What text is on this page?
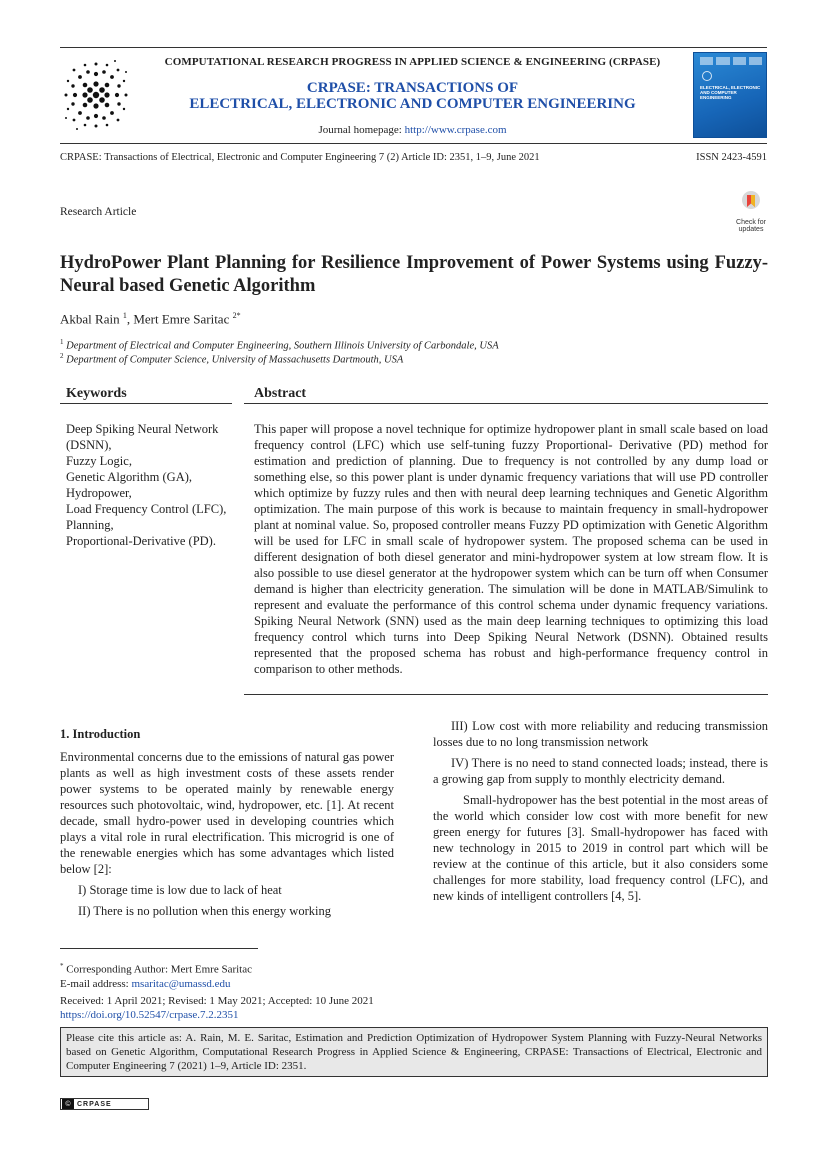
COMPUTATIONAL RESEARCH PROGRESS IN APPLIED SCIENCE & ENGINEERING (CRPASE)
CRPASE: TRANSACTIONS OF
ELECTRICAL, ELECTRONIC AND COMPUTER ENGINEERING
Journal homepage: http://www.crpase.com
ELECTRICAL, ELECTRONIC AND COMPUTER ENGINEERING
CRPASE: Transactions of Electrical, Electronic and Computer Engineering 7 (2) Article ID: 2351, 1–9, June 2021	ISSN 2423-4591
Research Article
Check for
updates
HydroPower Plant Planning for Resilience Improvement of Power Systems using Fuzzy-Neural based Genetic Algorithm
Akbal Rain $^1$, Mert Emre Saritac $^{2*}$
$^1$ Department of Electrical and Computer Engineering, Southern Illinois University of Carbondale, USA
$^2$ Department of Computer Science, University of Massachusetts Dartmouth, USA
Keywords	Abstract
Deep Spiking Neural Network (DSNN),
Fuzzy Logic,
Genetic Algorithm (GA),
Hydropower,
Load Frequency Control (LFC),
Planning,
Proportional-Derivative (PD).
This paper will propose a novel technique for optimize hydropower plant in small scale based on load frequency control (LFC) which use self-tuning fuzzy Proportional- Derivative (PD) method for estimation and prediction of planning. Due to frequency is not controlled by any dump load or something else, so this power plant is under dynamic frequency variations that will use PD controller which optimize by fuzzy rules and then with neural deep learning techniques and Genetic Algorithm optimization. The main purpose of this work is because to maintain frequency in small-hydropower plant at nominal value. So, proposed controller means Fuzzy PD optimization with Genetic Algorithm will be used for LFC in small scale of hydropower system. The proposed schema can be used in different designation of both diesel generator and mini-hydropower system at low stream flow. It is also possible to use diesel generator at the hydropower system which can be turn off when Consumer demand is higher than electricity generation. The simulation will be done in MATLAB/Simulink to represent and evaluate the performance of this control schema under dynamic frequency variations. Spiking Neural Network (SNN) used as the main deep learning techniques to optimizing this load frequency control which turns into Deep Spiking Neural Network (DSNN). Obtained results represented that the proposed schema has robust and high-performance frequency control in comparison to other methods.
1. Introduction

Environmental concerns due to the emissions of natural gas power plants as well as high investment costs of these assets render power systems to be operated mainly by renewable energy resources such photovoltaic, wind, hydropower, etc. [1]. At recent decade, small hydro-power used in developing countries which plays a vital role in rural electrification. This microgrid is one of the renewable energies which has some advantages which listed below [2]:

I) Storage time is low due to lack of heat

II) There is no pollution when this energy working

III) Low cost with more reliability and reducing transmission losses due to no long transmission network

IV) There is no need to stand connected loads; instead, there is a growing gap from supply to monthly electricity demand.

Small-hydropower has the best potential in the most areas of the world which consider low cost with more benefit for new green energy for futures [3]. Small-hydropower has faced with new technology in 2015 to 2019 in control part which will be review at the continue of this article, but it also considers some challenges for more stability, load frequency control (LFC), and new kinds of intelligent controllers [4, 5].

* Corresponding Author: Mert Emre Saritac
E-mail address: msaritac@umassd.edu
Received: 1 April 2021; Revised: 1 May 2021; Accepted: 10 June 2021
https://doi.org/10.52547/crpase.7.2.2351
Please cite this article as: A. Rain, M. E. Saritac, Estimation and Prediction Optimization of Hydropower System Planning with Fuzzy-Neural Networks based on Genetic Algorithm, Computational Research Progress in Applied Science & Engineering, CRPASE: Transactions of Electrical, Electronic and Computer Engineering 7 (2021) 1–9, Article ID: 2351.
© CRPASE
